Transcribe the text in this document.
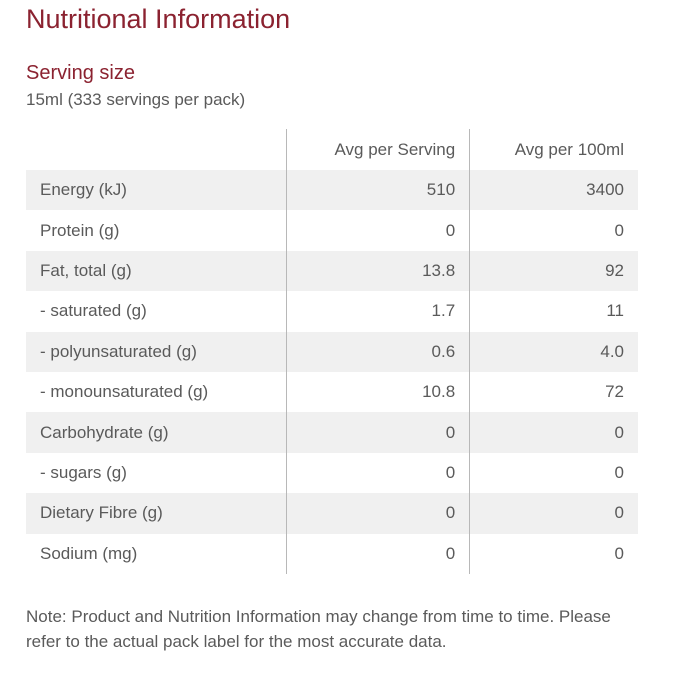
Nutritional Information
Serving size
15ml (333 servings per pack)
	Avg per Serving	Avg per 100ml
Energy (kJ)	510	3400
Protein (g)	0	0
Fat, total (g)	13.8	92
- saturated (g)	1.7	11
- polyunsaturated (g)	0.6	4.0
- monounsaturated (g)	10.8	72
Carbohydrate (g)	0	0
- sugars (g)	0	0
Dietary Fibre (g)	0	0
Sodium (mg)	0	0

Note: Product and Nutrition Information may change from time to time. Please refer to the actual pack label for the most accurate data.
